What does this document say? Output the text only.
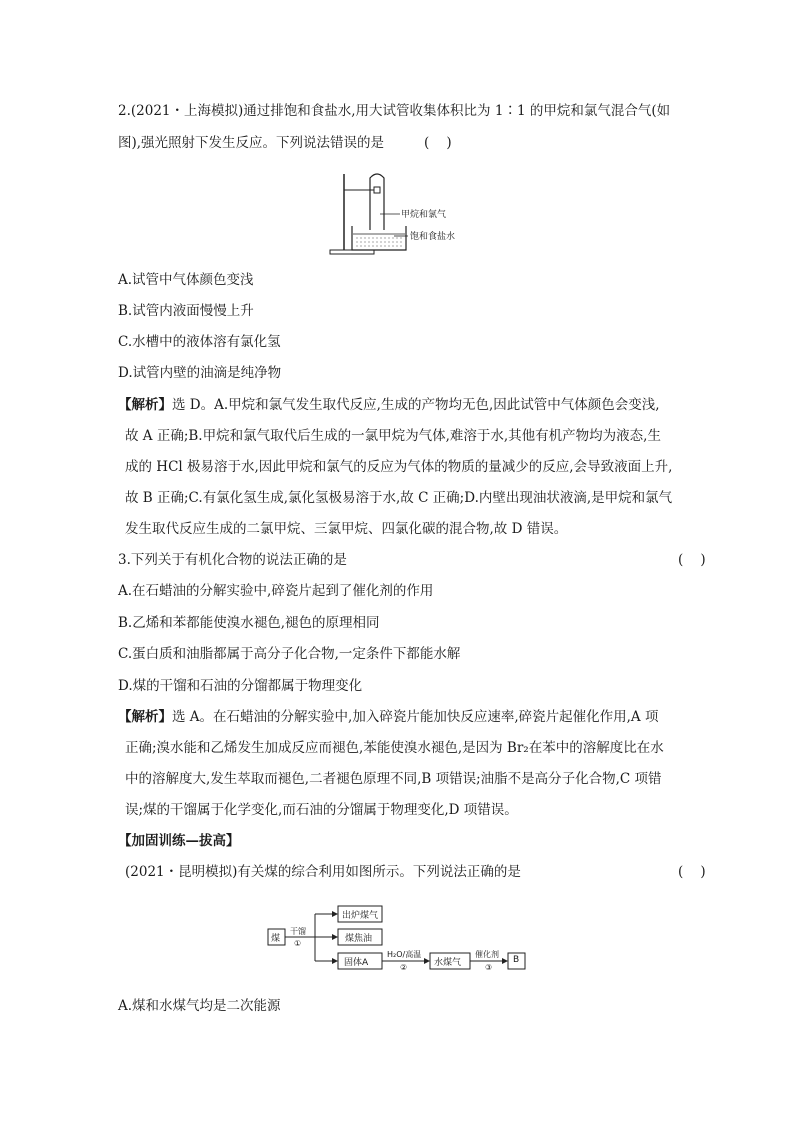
2.(2021・上海模拟)通过排饱和食盐水,用大试管收集体积比为 1∶1 的甲烷和氯气混合气(如
图),强光照射下发生反应。下列说法错误的是	(    )
甲烷和氯气
饱和食盐水
A.试管中气体颜色变浅
B.试管内液面慢慢上升
C.水槽中的液体溶有氯化氢
D.试管内壁的油滴是纯净物
【解析】选 D。A.甲烷和氯气发生取代反应,生成的产物均无色,因此试管中气体颜色会变浅,
故 A 正确;B.甲烷和氯气取代后生成的一氯甲烷为气体,难溶于水,其他有机产物均为液态,生
成的 HCl 极易溶于水,因此甲烷和氯气的反应为气体的物质的量减少的反应,会导致液面上升,
故 B 正确;C.有氯化氢生成,氯化氢极易溶于水,故 C 正确;D.内壁出现油状液滴,是甲烷和氯气
发生取代反应生成的二氯甲烷、三氯甲烷、四氯化碳的混合物,故 D 错误。
3.下列关于有机化合物的说法正确的是	(    )
A.在石蜡油的分解实验中,碎瓷片起到了催化剂的作用
B.乙烯和苯都能使溴水褪色,褪色的原理相同
C.蛋白质和油脂都属于高分子化合物,一定条件下都能水解
D.煤的干馏和石油的分馏都属于物理变化
【解析】选 A。在石蜡油的分解实验中,加入碎瓷片能加快反应速率,碎瓷片起催化作用,A 项
正确;溴水能和乙烯发生加成反应而褪色,苯能使溴水褪色,是因为 Br₂在苯中的溶解度比在水
中的溶解度大,发生萃取而褪色,二者褪色原理不同,B 项错误;油脂不是高分子化合物,C 项错
误;煤的干馏属于化学变化,而石油的分馏属于物理变化,D 项错误。
【加固训练—拔高】
(2021・昆明模拟)有关煤的综合利用如图所示。下列说法正确的是	(    )
煤
干馏
①
出炉煤气
煤焦油
固体A
H₂O/高温
②	水煤气
催化剂
③
B
A.煤和水煤气均是二次能源
